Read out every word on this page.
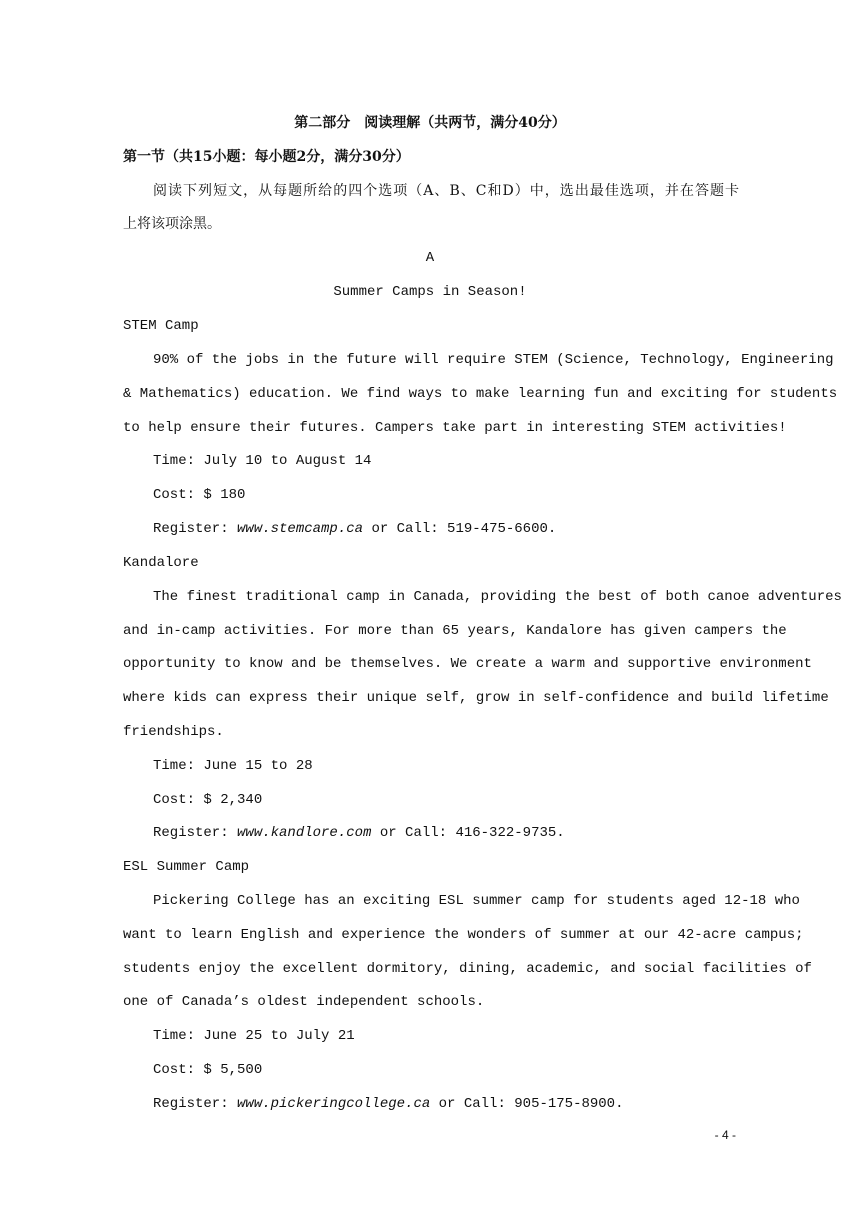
第二部分　阅读理解（共两节，满分40分）
第一节（共15小题：每小题2分，满分30分）
阅读下列短文，从每题所给的四个选项（A、B、C和D）中，选出最佳选项，并在答题卡
上将该项涂黑。
A
Summer Camps in Season!
STEM Camp
90% of the jobs in the future will require STEM (Science, Technology, Engineering
& Mathematics) education. We find ways to make learning fun and exciting for students
to help ensure their futures. Campers take part in interesting STEM activities!
Time: July 10 to August 14
Cost: $ 180
Register: www.stemcamp.ca or Call: 519-475-6600.
Kandalore
The finest traditional camp in Canada, providing the best of both canoe adventures
and in-camp activities. For more than 65 years, Kandalore has given campers the
opportunity to know and be themselves. We create a warm and supportive environment
where kids can express their unique self, grow in self-confidence and build lifetime
friendships.
Time: June 15 to 28
Cost: $ 2,340
Register: www.kandlore.com or Call: 416-322-9735.
ESL Summer Camp
Pickering College has an exciting ESL summer camp for students aged 12-18 who
want to learn English and experience the wonders of summer at our 42-acre campus;
students enjoy the excellent dormitory, dining, academic, and social facilities of
one of Canada’s oldest independent schools.
Time: June 25 to July 21
Cost: $ 5,500
Register: www.pickeringcollege.ca or Call: 905-175-8900.
- 4 -
